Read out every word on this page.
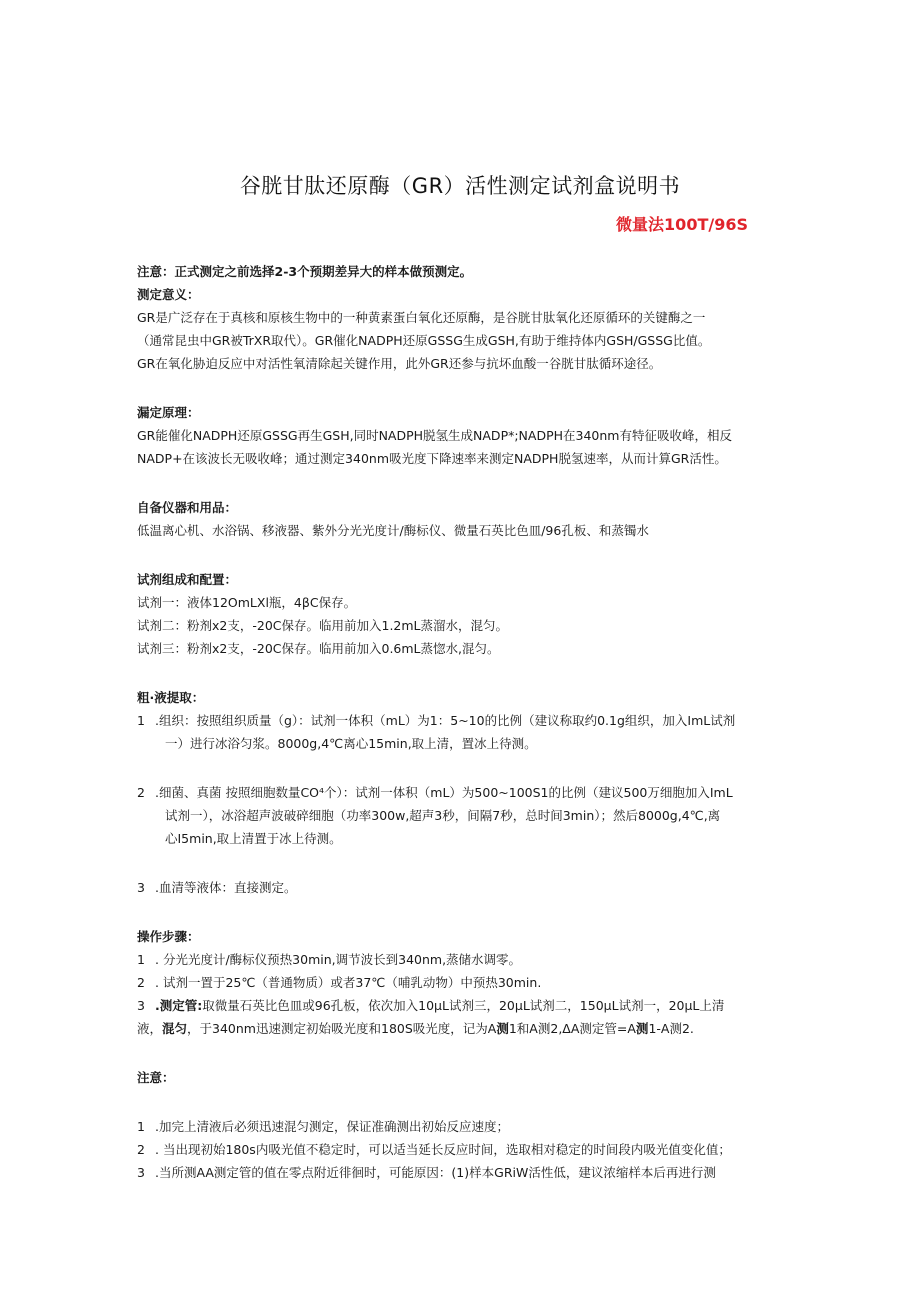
谷胱甘肽还原酶（GR）活性测定试剂盒说明书
微量法100T/96S
注意：正式测定之前选择2-3个预期差异大的样本做预测定。
测定意义：
GR是广泛存在于真核和原核生物中的一种黄素蛋白氧化还原酶，是谷胱甘肽氧化还原循环的关键酶之一
（通常昆虫中GR被TrXR取代）。GR催化NADPH还原GSSG生成GSH,有助于维持体内GSH/GSSG比值。
GR在氧化胁迫反应中对活性氧清除起关键作用，此外GR还参与抗坏血酸一谷胱甘肽循环途径。
漏定原理：
GR能催化NADPH还原GSSG再生GSH,同时NADPH脱氢生成NADP*;NADPH在340nm有特征吸收峰，相反
NADP+在该波长无吸收峰；通过测定340nm吸光度下降速率来测定NADPH脱氢速率，从而计算GR活性。
自备仪器和用品：
低温离心机、水浴锅、移液器、紫外分光光度计/酶标仪、微量石英比色皿/96孔板、和蒸镯水
试剂组成和配置：
试剂一：液体12OmLXl瓶，4βC保存。
试剂二：粉剂x2支，-20C保存。临用前加入1.2mL蒸溜水，混匀。
试剂三：粉剂x2支，-20C保存。临用前加入0.6mL蒸惚水,混匀。
粗·液提取：
1 .组织：按照组织质量（g）：试剂一体积（mL）为1：5~10的比例（建议称取约0.1g组织，加入ImL试剂
一）进行冰浴匀浆。8000g,4℃离心15min,取上清，置冰上待测。
2 .细菌、真菌 按照细胞数量CO⁴个）：试剂一体积（mL）为500~100S1的比例（建议500万细胞加入ImL
试剂一），冰浴超声波破碎细胞（功率300w,超声3秒，间隔7秒，总时间3min）；然后8000g,4℃,离
心I5min,取上清置于冰上待测。
3 .血清等液体：直接测定。
操作步骤：
1 . 分光光度计/酶标仪预热30min,调节波长到340nm,蒸储水调零。
2 . 试剂一置于25℃（普通物质）或者37℃（哺乳动物）中预热30min.
3 .测定管:取微量石英比色皿或96孔板，依次加入10μL试剂三，20μL试剂二，150μL试剂一，20μL上清
液，混匀，于340nm迅速测定初始吸光度和180S吸光度，记为A测1和A测2,ΔA测定管=A测1-A测2.
注意：
1 .加完上清液后必须迅速混匀测定，保证准确测出初始反应速度；
2 . 当出现初始180s内吸光值不稳定时，可以适当延长反应时间，选取相对稳定的时间段内吸光值变化值；
3 .当所测AA测定管的值在零点附近徘徊时，可能原因：(1)样本GRiW活性低，建议浓缩样本后再进行测
